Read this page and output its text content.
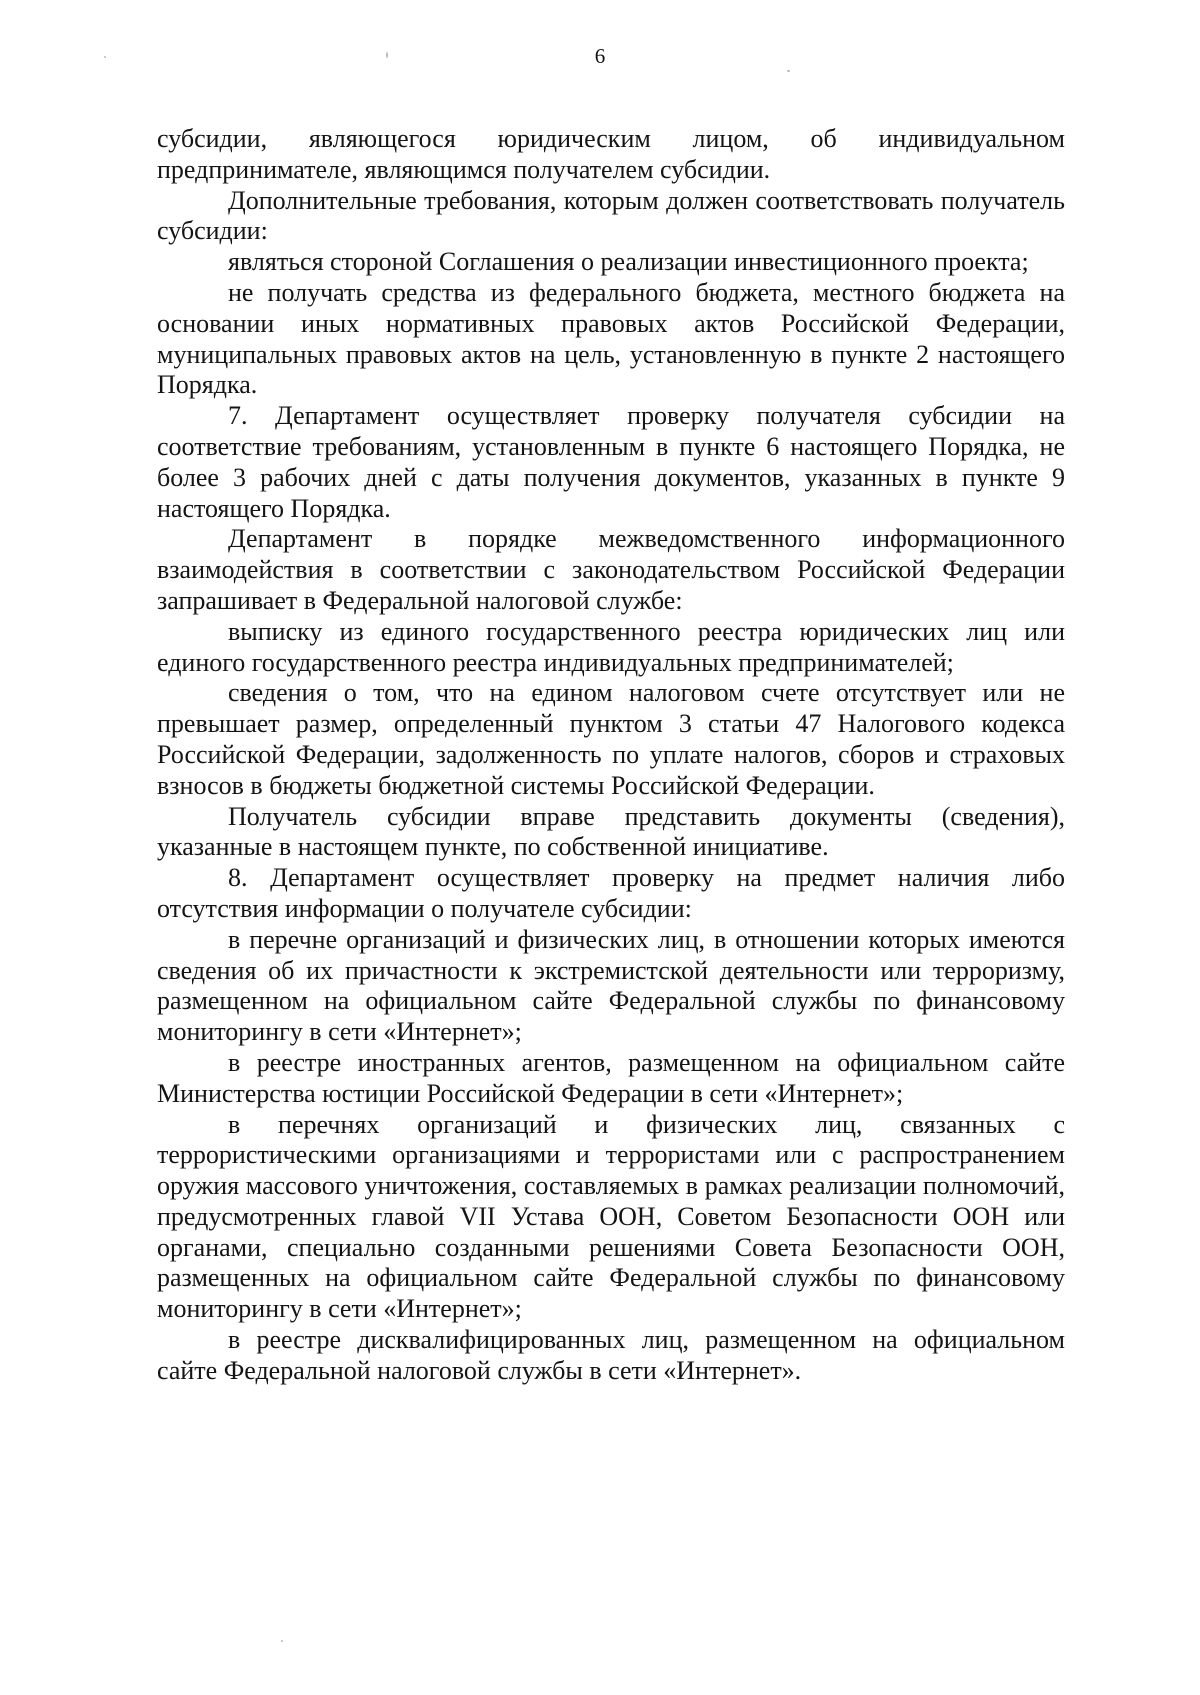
6

субсидии, являющегося юридическим лицом, об индивидуальном предпринимателе, являющимся получателем субсидии.

Дополнительные требования, которым должен соответствовать получатель субсидии:

являться стороной Соглашения о реализации инвестиционного проекта;

не получать средства из федерального бюджета, местного бюджета на основании иных нормативных правовых актов Российской Федерации, муниципальных правовых актов на цель, установленную в пункте 2 настоящего Порядка.

7. Департамент осуществляет проверку получателя субсидии на соответствие требованиям, установленным в пункте 6 настоящего Порядка, не более 3 рабочих дней с даты получения документов, указанных в пункте 9 настоящего Порядка.

Департамент в порядке межведомственного информационного взаимодействия в соответствии с законодательством Российской Федерации запрашивает в Федеральной налоговой службе:

выписку из единого государственного реестра юридических лиц или единого государственного реестра индивидуальных предпринимателей;

сведения о том, что на едином налоговом счете отсутствует или не превышает размер, определенный пунктом 3 статьи 47 Налогового кодекса Российской Федерации, задолженность по уплате налогов, сборов и страховых взносов в бюджеты бюджетной системы Российской Федерации.

Получатель субсидии вправе представить документы (сведения), указанные в настоящем пункте, по собственной инициативе.

8. Департамент осуществляет проверку на предмет наличия либо отсутствия информации о получателе субсидии:

в перечне организаций и физических лиц, в отношении которых имеются сведения об их причастности к экстремистской деятельности или терроризму, размещенном на официальном сайте Федеральной службы по финансовому мониторингу в сети «Интернет»;

в реестре иностранных агентов, размещенном на официальном сайте Министерства юстиции Российской Федерации в сети «Интернет»;

в перечнях организаций и физических лиц, связанных с террористическими организациями и террористами или с распространением оружия массового уничтожения, составляемых в рамках реализации полномочий, предусмотренных главой VII Устава ООН, Советом Безопасности ООН или органами, специально созданными решениями Совета Безопасности ООН, размещенных на официальном сайте Федеральной службы по финансовому мониторингу в сети «Интернет»;

в реестре дисквалифицированных лиц, размещенном на официальном сайте Федеральной налоговой службы в сети «Интернет».
